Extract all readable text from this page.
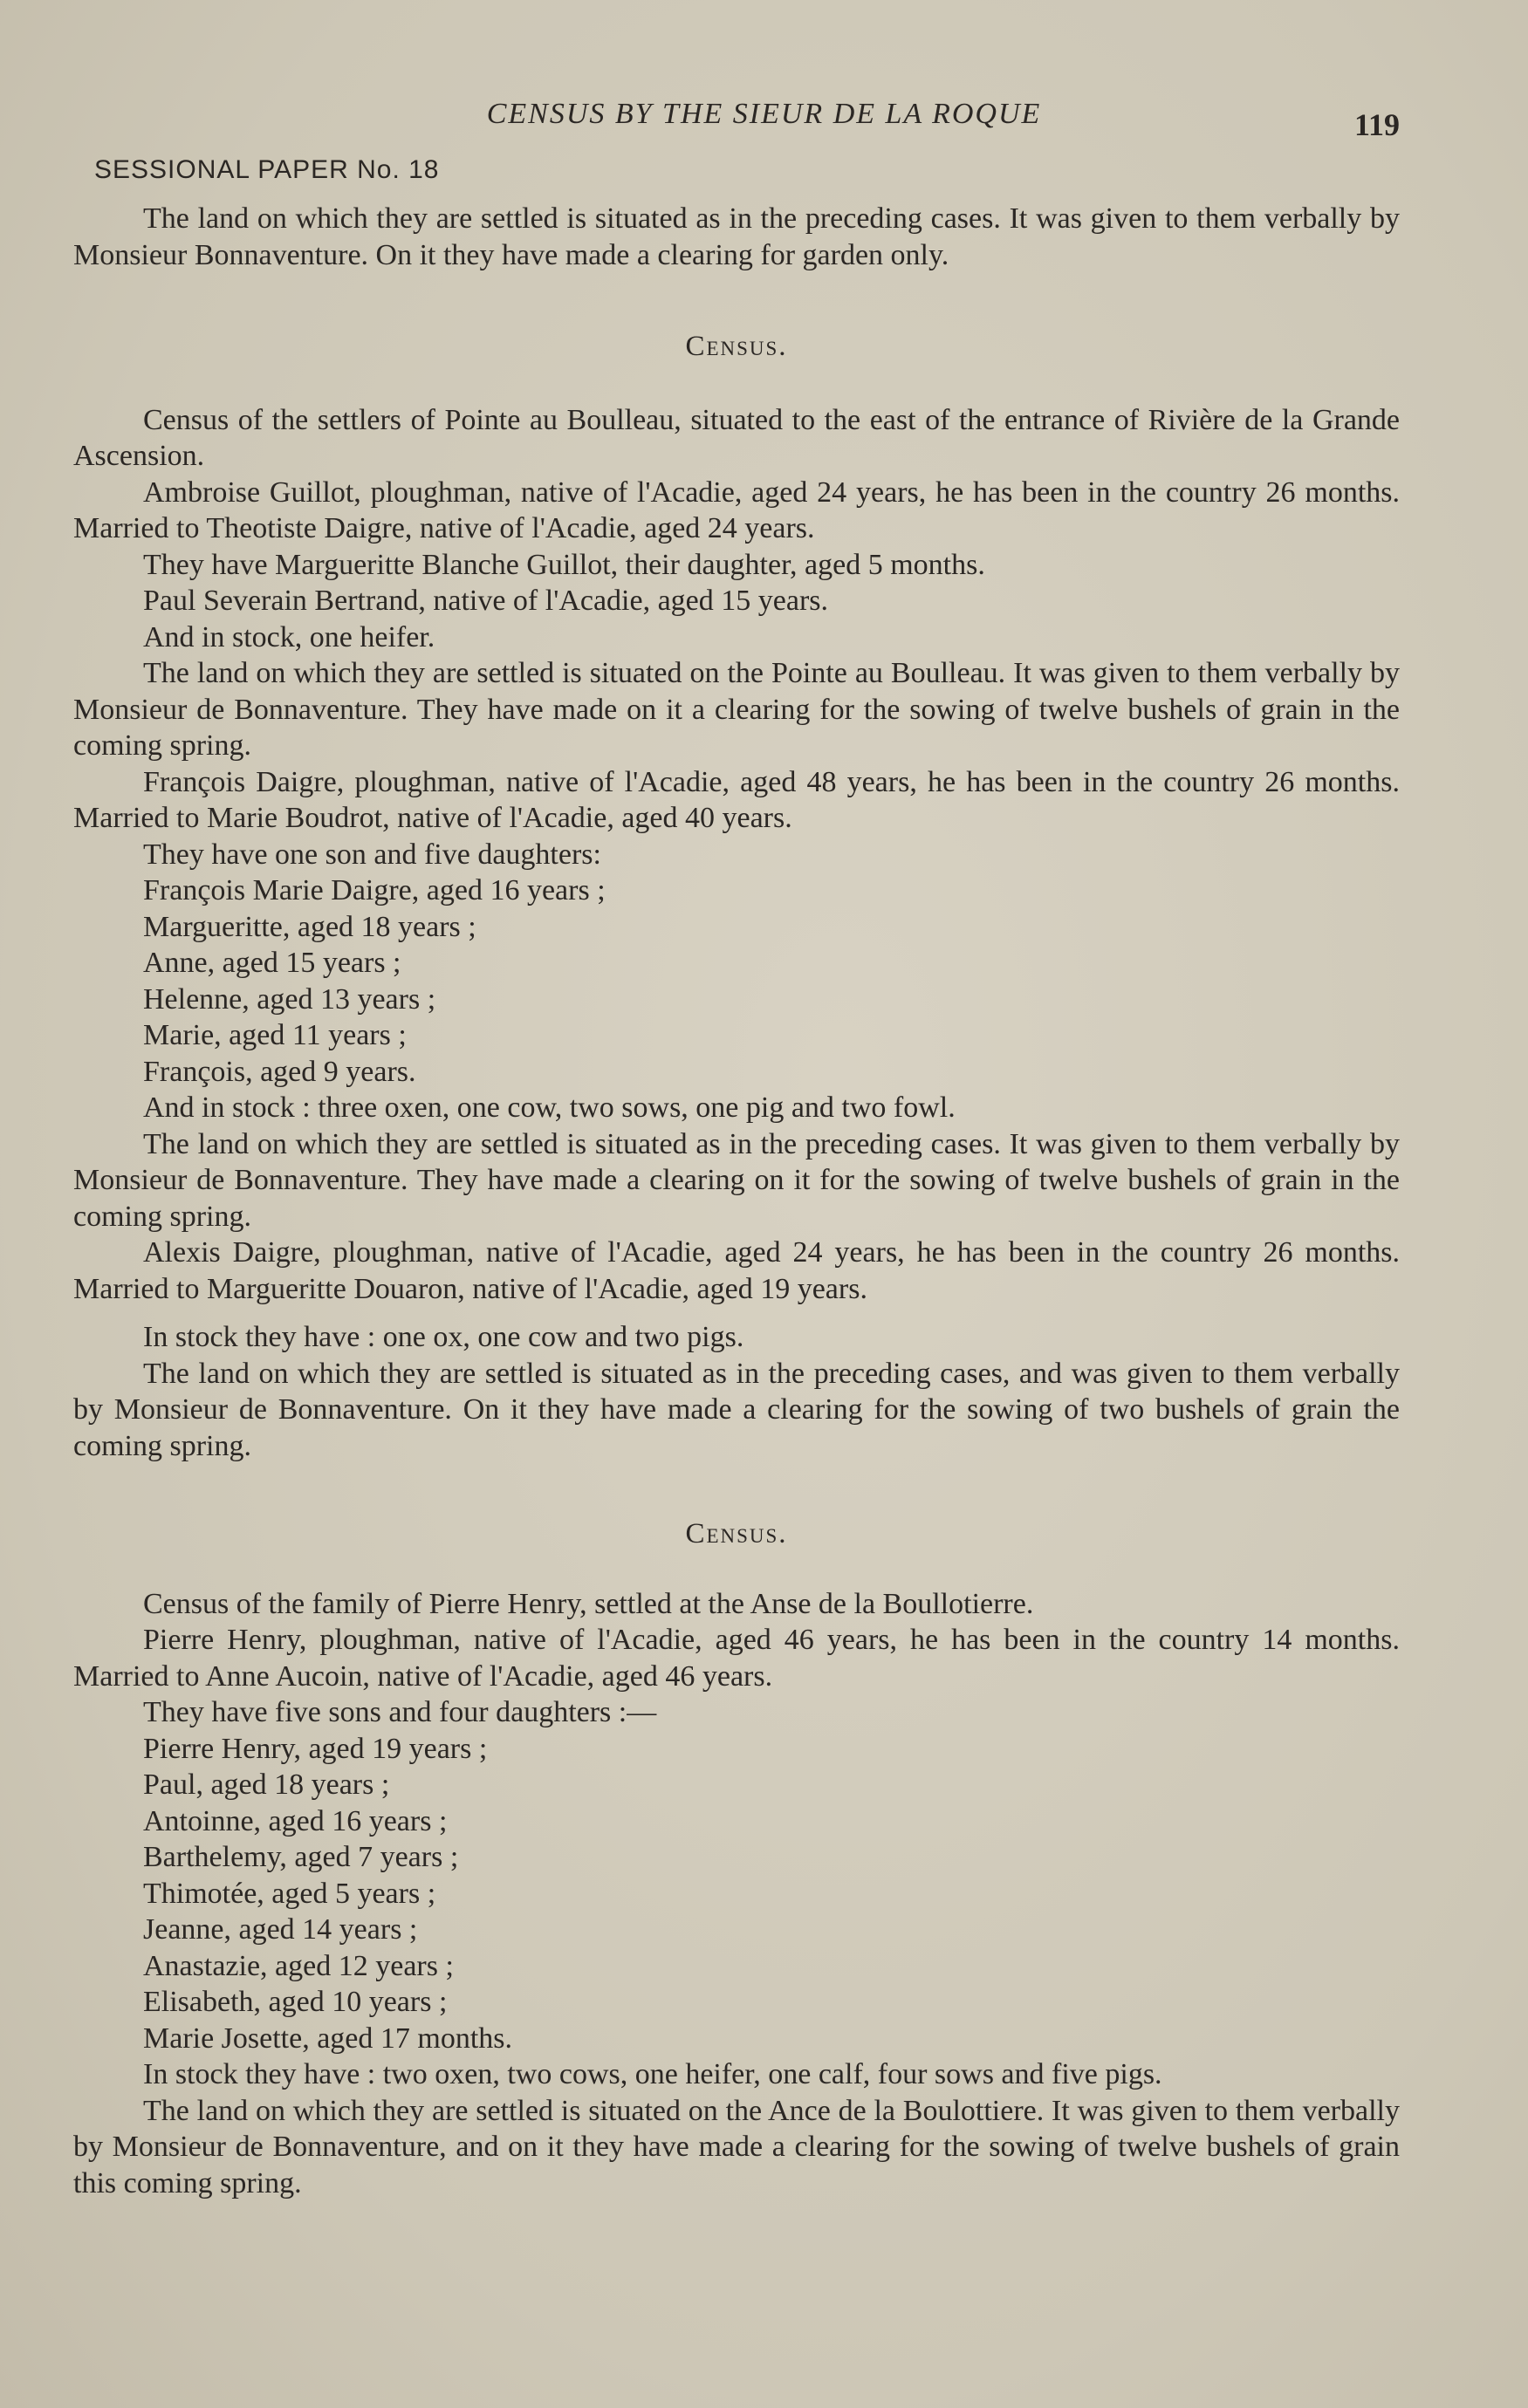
CENSUS BY THE SIEUR DE LA ROQUE	119
SESSIONAL PAPER No. 18

The land on which they are settled is situated as in the preceding cases. It was given to them verbally by Monsieur Bonnaventure. On it they have made a clearing for garden only.

Census.

Census of the settlers of Pointe au Boulleau, situated to the east of the entrance of Rivière de la Grande Ascension.

Ambroise Guillot, ploughman, native of l'Acadie, aged 24 years, he has been in the country 26 months. Married to Theotiste Daigre, native of l'Acadie, aged 24 years.

They have Margueritte Blanche Guillot, their daughter, aged 5 months.

Paul Severain Bertrand, native of l'Acadie, aged 15 years.

And in stock, one heifer.

The land on which they are settled is situated on the Pointe au Boulleau. It was given to them verbally by Monsieur de Bonnaventure. They have made on it a clearing for the sowing of twelve bushels of grain in the coming spring.

François Daigre, ploughman, native of l'Acadie, aged 48 years, he has been in the country 26 months. Married to Marie Boudrot, native of l'Acadie, aged 40 years.

They have one son and five daughters:

François Marie Daigre, aged 16 years ;

Margueritte, aged 18 years ;

Anne, aged 15 years ;

Helenne, aged 13 years ;

Marie, aged 11 years ;

François, aged 9 years.

And in stock : three oxen, one cow, two sows, one pig and two fowl.

The land on which they are settled is situated as in the preceding cases. It was given to them verbally by Monsieur de Bonnaventure. They have made a clearing on it for the sowing of twelve bushels of grain in the coming spring.

Alexis Daigre, ploughman, native of l'Acadie, aged 24 years, he has been in the country 26 months. Married to Margueritte Douaron, native of l'Acadie, aged 19 years.

In stock they have : one ox, one cow and two pigs.

The land on which they are settled is situated as in the preceding cases, and was given to them verbally by Monsieur de Bonnaventure. On it they have made a clearing for the sowing of two bushels of grain the coming spring.

Census.

Census of the family of Pierre Henry, settled at the Anse de la Boullotierre.

Pierre Henry, ploughman, native of l'Acadie, aged 46 years, he has been in the country 14 months. Married to Anne Aucoin, native of l'Acadie, aged 46 years.

They have five sons and four daughters :—

Pierre Henry, aged 19 years ;

Paul, aged 18 years ;

Antoinne, aged 16 years ;

Barthelemy, aged 7 years ;

Thimotée, aged 5 years ;

Jeanne, aged 14 years ;

Anastazie, aged 12 years ;

Elisabeth, aged 10 years ;

Marie Josette, aged 17 months.

In stock they have : two oxen, two cows, one heifer, one calf, four sows and five pigs.

The land on which they are settled is situated on the Ance de la Boulottiere. It was given to them verbally by Monsieur de Bonnaventure, and on it they have made a clearing for the sowing of twelve bushels of grain this coming spring.
